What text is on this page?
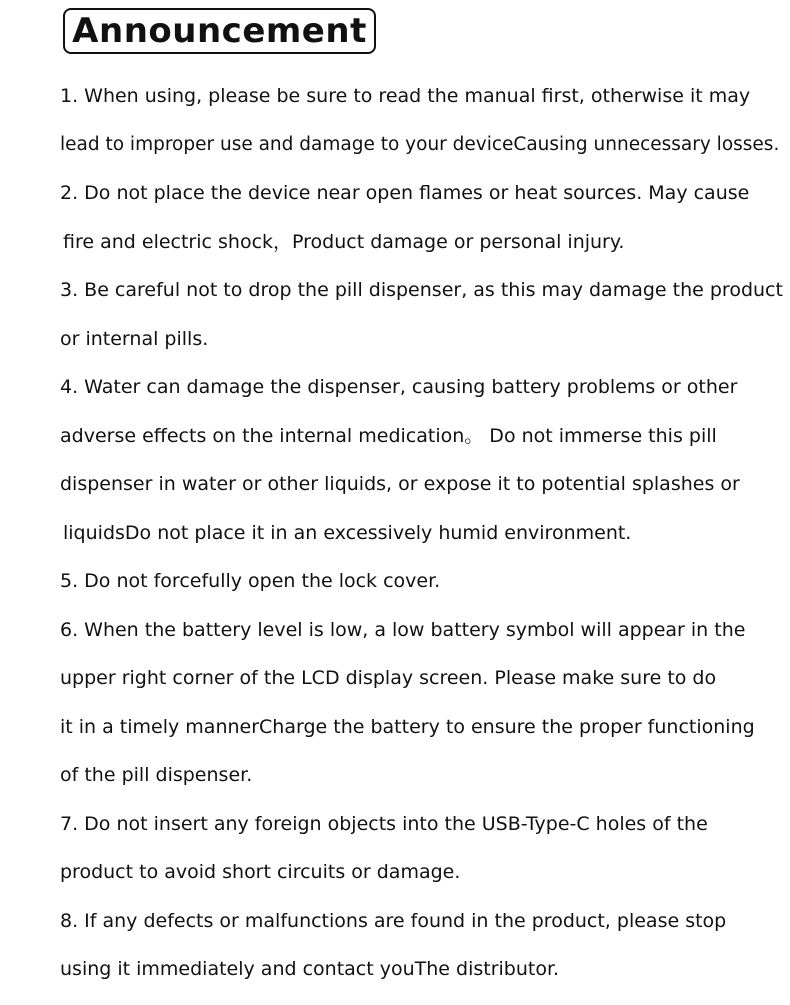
Announcement
1. When using, please be sure to read the manual first, otherwise it may
lead to improper use and damage to your deviceCausing unnecessary losses.
2. Do not place the device near open flames or heat sources. May cause
fire and electric shock，Product damage or personal injury.
3. Be careful not to drop the pill dispenser, as this may damage the product
or internal pills.
4. Water can damage the dispenser, causing battery problems or other
adverse effects on the internal medication。 Do not immerse this pill
dispenser in water or other liquids, or expose it to potential splashes or
liquidsDo not place it in an excessively humid environment.
5. Do not forcefully open the lock cover.
6. When the battery level is low, a low battery symbol will appear in the
upper right corner of the LCD display screen. Please make sure to do
it in a timely mannerCharge the battery to ensure the proper functioning
of the pill dispenser.
7. Do not insert any foreign objects into the USB-Type-C holes of the
product to avoid short circuits or damage.
8. If any defects or malfunctions are found in the product, please stop
using it immediately and contact youThe distributor.
